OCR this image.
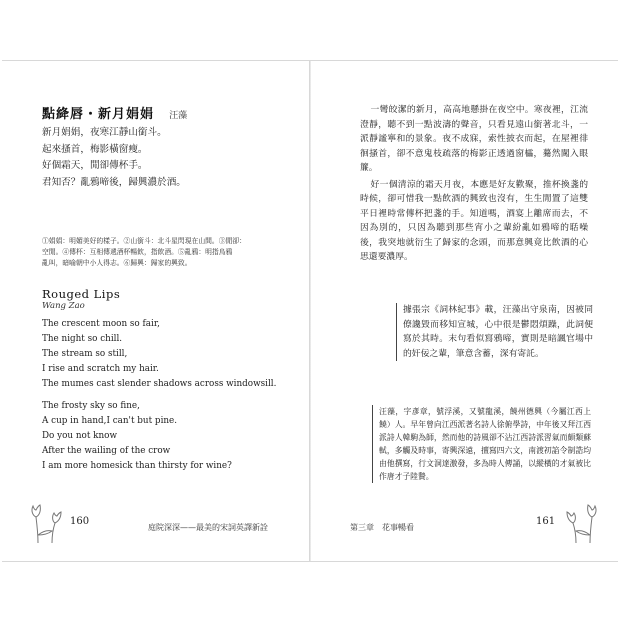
點絳唇・新月娟娟 汪藻
新月娟娟，夜寒江靜山銜斗。
起來搔首，梅影橫窗瘦。
好個霜天，閒卻傳杯手。
君知否？亂鴉啼後，歸興濃於酒。
①娟娟：明媚美好的樣子。②山銜斗：北斗星閃現在山間。③閒卻：
空閒。④傳杯：互相傳遞酒杯暢飲，指飲酒。⑤亂鴉：明指烏鴉
亂叫，暗喻朝中小人得志。⑥歸興：歸家的興致。
Rouged Lips
Wang Zao
The crescent moon so fair,
The night so chill.
The stream so still,
I rise and scratch my hair.
The mumes cast slender shadows across windowsill.
The frosty sky so fine,
A cup in hand,I can't but pine.
Do you not know
After the wailing of the crow
I am more homesick than thirsty for wine?
160
庭院深深——最美的宋詞英譯新詮

一彎皎潔的新月，高高地懸掛在夜空中。寒夜裡，江流澄靜，聽不到一點波濤的聲音，只看見遠山銜著北斗，一派靜謐寧和的景象。夜不成寐，索性披衣而起，在屋裡徘徊搔首，卻不意鬼枝疏落的梅影正透過窗櫺，驀然闖入眼簾。

好一個清涼的霜天月夜，本應是好友歡聚，推杯換盞的時候，卻可惜我一點飲酒的興致也沒有，生生閒置了這雙平日裡時常傳杯把盞的手。知道嗎，酒宴上離席而去，不因為別的，只因為聽到那些宵小之輩紛亂如鴉啼的聒噪後，我突地就衍生了歸家的念頭，而那意興竟比飲酒的心思還要濃厚。

據張宗《詞林紀事》載，汪藻出守泉南，因被同僚讒毀而移知宣城，心中很是鬱悶煩躁，此詞便寫於其時。末句看似寫鴉啼，實則是暗諷官場中的奸佞之輩，筆意含蓄，深有寄託。
汪藻，字彥章，號浮溪，又號龍溪，饒州德興（今屬江西上饒）人。早年曾向江西派著名詩人徐俯學詩，中年後又拜江西派詩人韓駒為師，然而他的詩風卻不沾江西詩派習氣而頗類蘇軾，多觸及時事，寄興深遠，擅寫四六文，南渡初諂令制誥均由他撰寫，行文洞達激發，多為時人傳誦，以縱橫的才氣被比作唐才子陸贄。
第三章　花事暢看
161
